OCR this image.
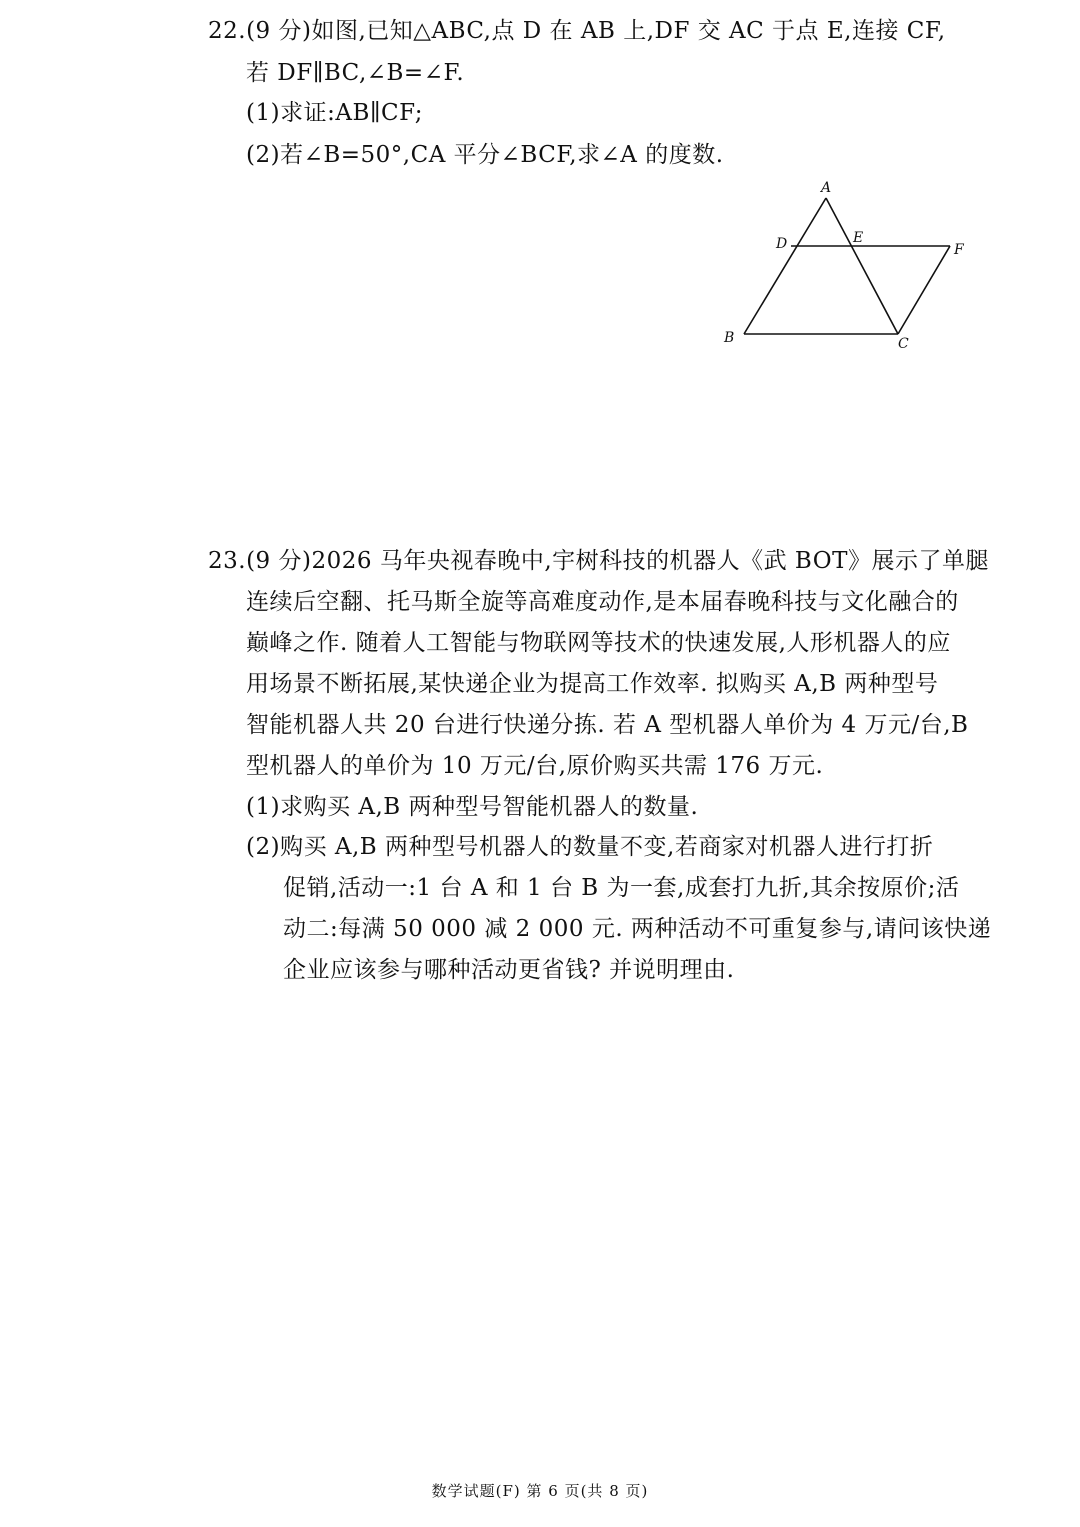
22.(9 分)如图,已知△ABC,点 D 在 AB 上,DF 交 AC 于点 E,连接 CF,
若 DF∥BC,∠B=∠F.
(1)求证:AB∥CF;
(2)若∠B=50°,CA 平分∠BCF,求∠A 的度数.
A
B	C
D	E
F
23.(9 分)2026 马年央视春晚中,宇树科技的机器人《武 BOT》展示了单腿
连续后空翻、托马斯全旋等高难度动作,是本届春晚科技与文化融合的
巅峰之作. 随着人工智能与物联网等技术的快速发展,人形机器人的应
用场景不断拓展,某快递企业为提高工作效率. 拟购买 A,B 两种型号
智能机器人共 20 台进行快递分拣. 若 A 型机器人单价为 4 万元/台,B
型机器人的单价为 10 万元/台,原价购买共需 176 万元.
(1)求购买 A,B 两种型号智能机器人的数量.
(2)购买 A,B 两种型号机器人的数量不变,若商家对机器人进行打折
促销,活动一:1 台 A 和 1 台 B 为一套,成套打九折,其余按原价;活
动二:每满 50 000 减 2 000 元. 两种活动不可重复参与,请问该快递
企业应该参与哪种活动更省钱? 并说明理由.
数学试题(F) 第 6 页(共 8 页)
